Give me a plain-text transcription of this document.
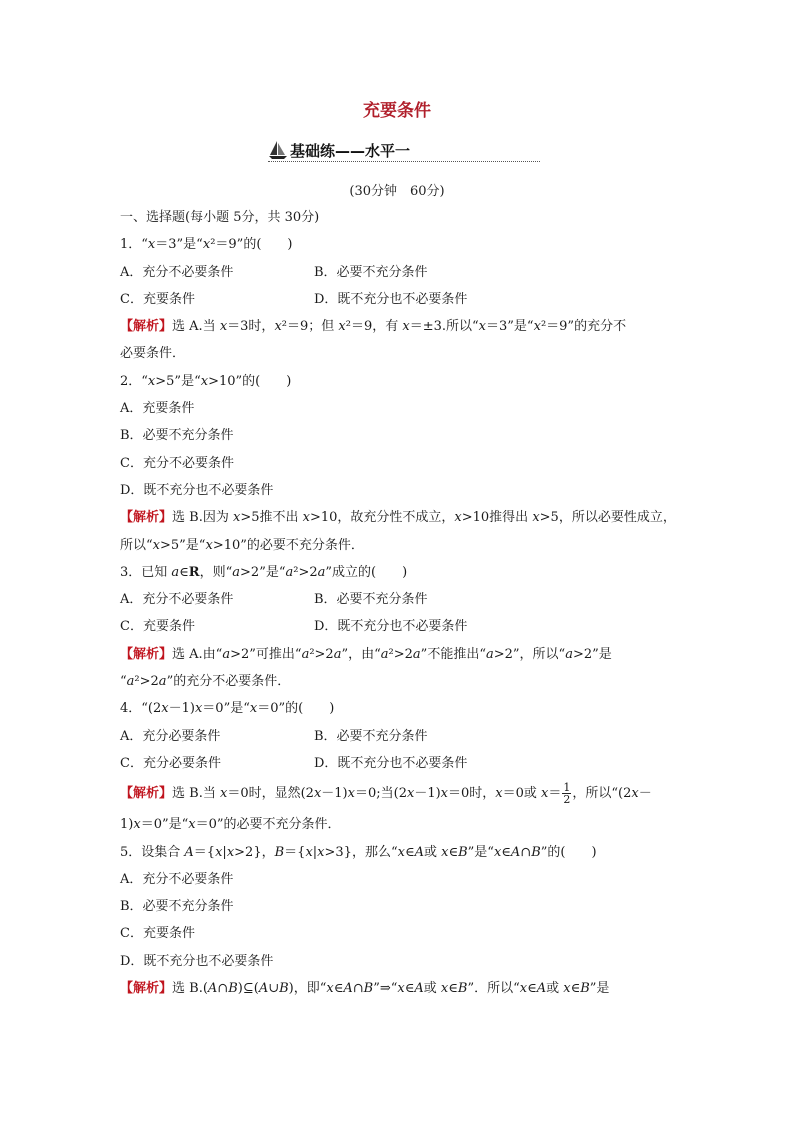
充要条件
基础练——水平一
(30分钟　60分)
一、选择题(每小题 5分，共 30分)
1．“x＝3”是“x²＝9”的(　　)
A．充分不必要条件	B．必要不充分条件
C．充要条件	D．既不充分也不必要条件
【解析】选 A.当 x＝3时，x²＝9；但 x²＝9，有 x＝±3.所以“x＝3”是“x²＝9”的充分不
必要条件．
2．“x>5”是“x>10”的(　　)
A．充要条件
B．必要不充分条件
C．充分不必要条件
D．既不充分也不必要条件
【解析】选 B.因为 x>5推不出 x>10，故充分性不成立，x>10推得出 x>5，所以必要性成立，
所以“x>5”是“x>10”的必要不充分条件．
3．已知 a∈R，则“a>2”是“a²>2a”成立的(　　)
A．充分不必要条件	B．必要不充分条件
C．充要条件	D．既不充分也不必要条件
【解析】选 A.由“a>2”可推出“a²>2a”，由“a²>2a”不能推出“a>2”，所以“a>2”是
“a²>2a”的充分不必要条件．
4．“(2x－1)x＝0”是“x＝0”的(　　)
A．充分必要条件	B．必要不充分条件
C．充分必要条件	D．既不充分也不必要条件
【解析】选 B.当 x＝0时，显然(2x－1)x＝0;当(2x－1)x＝0时，x＝0或 $x= \frac{1}{2}$ ，所以“(2x－
1)x＝0”是“x＝0”的必要不充分条件．
5．设集合 A＝{x|x>2}，B＝{x|x>3}，那么“x∈A或 x∈B”是“x∈A∩B”的(　　)
A．充分不必要条件
B．必要不充分条件
C．充要条件
D．既不充分也不必要条件
【解析】选 B.(A∩B)⊆(A∪B)，即“x∈A∩B”⇒“x∈A或 x∈B”．所以“x∈A或 x∈B”是
